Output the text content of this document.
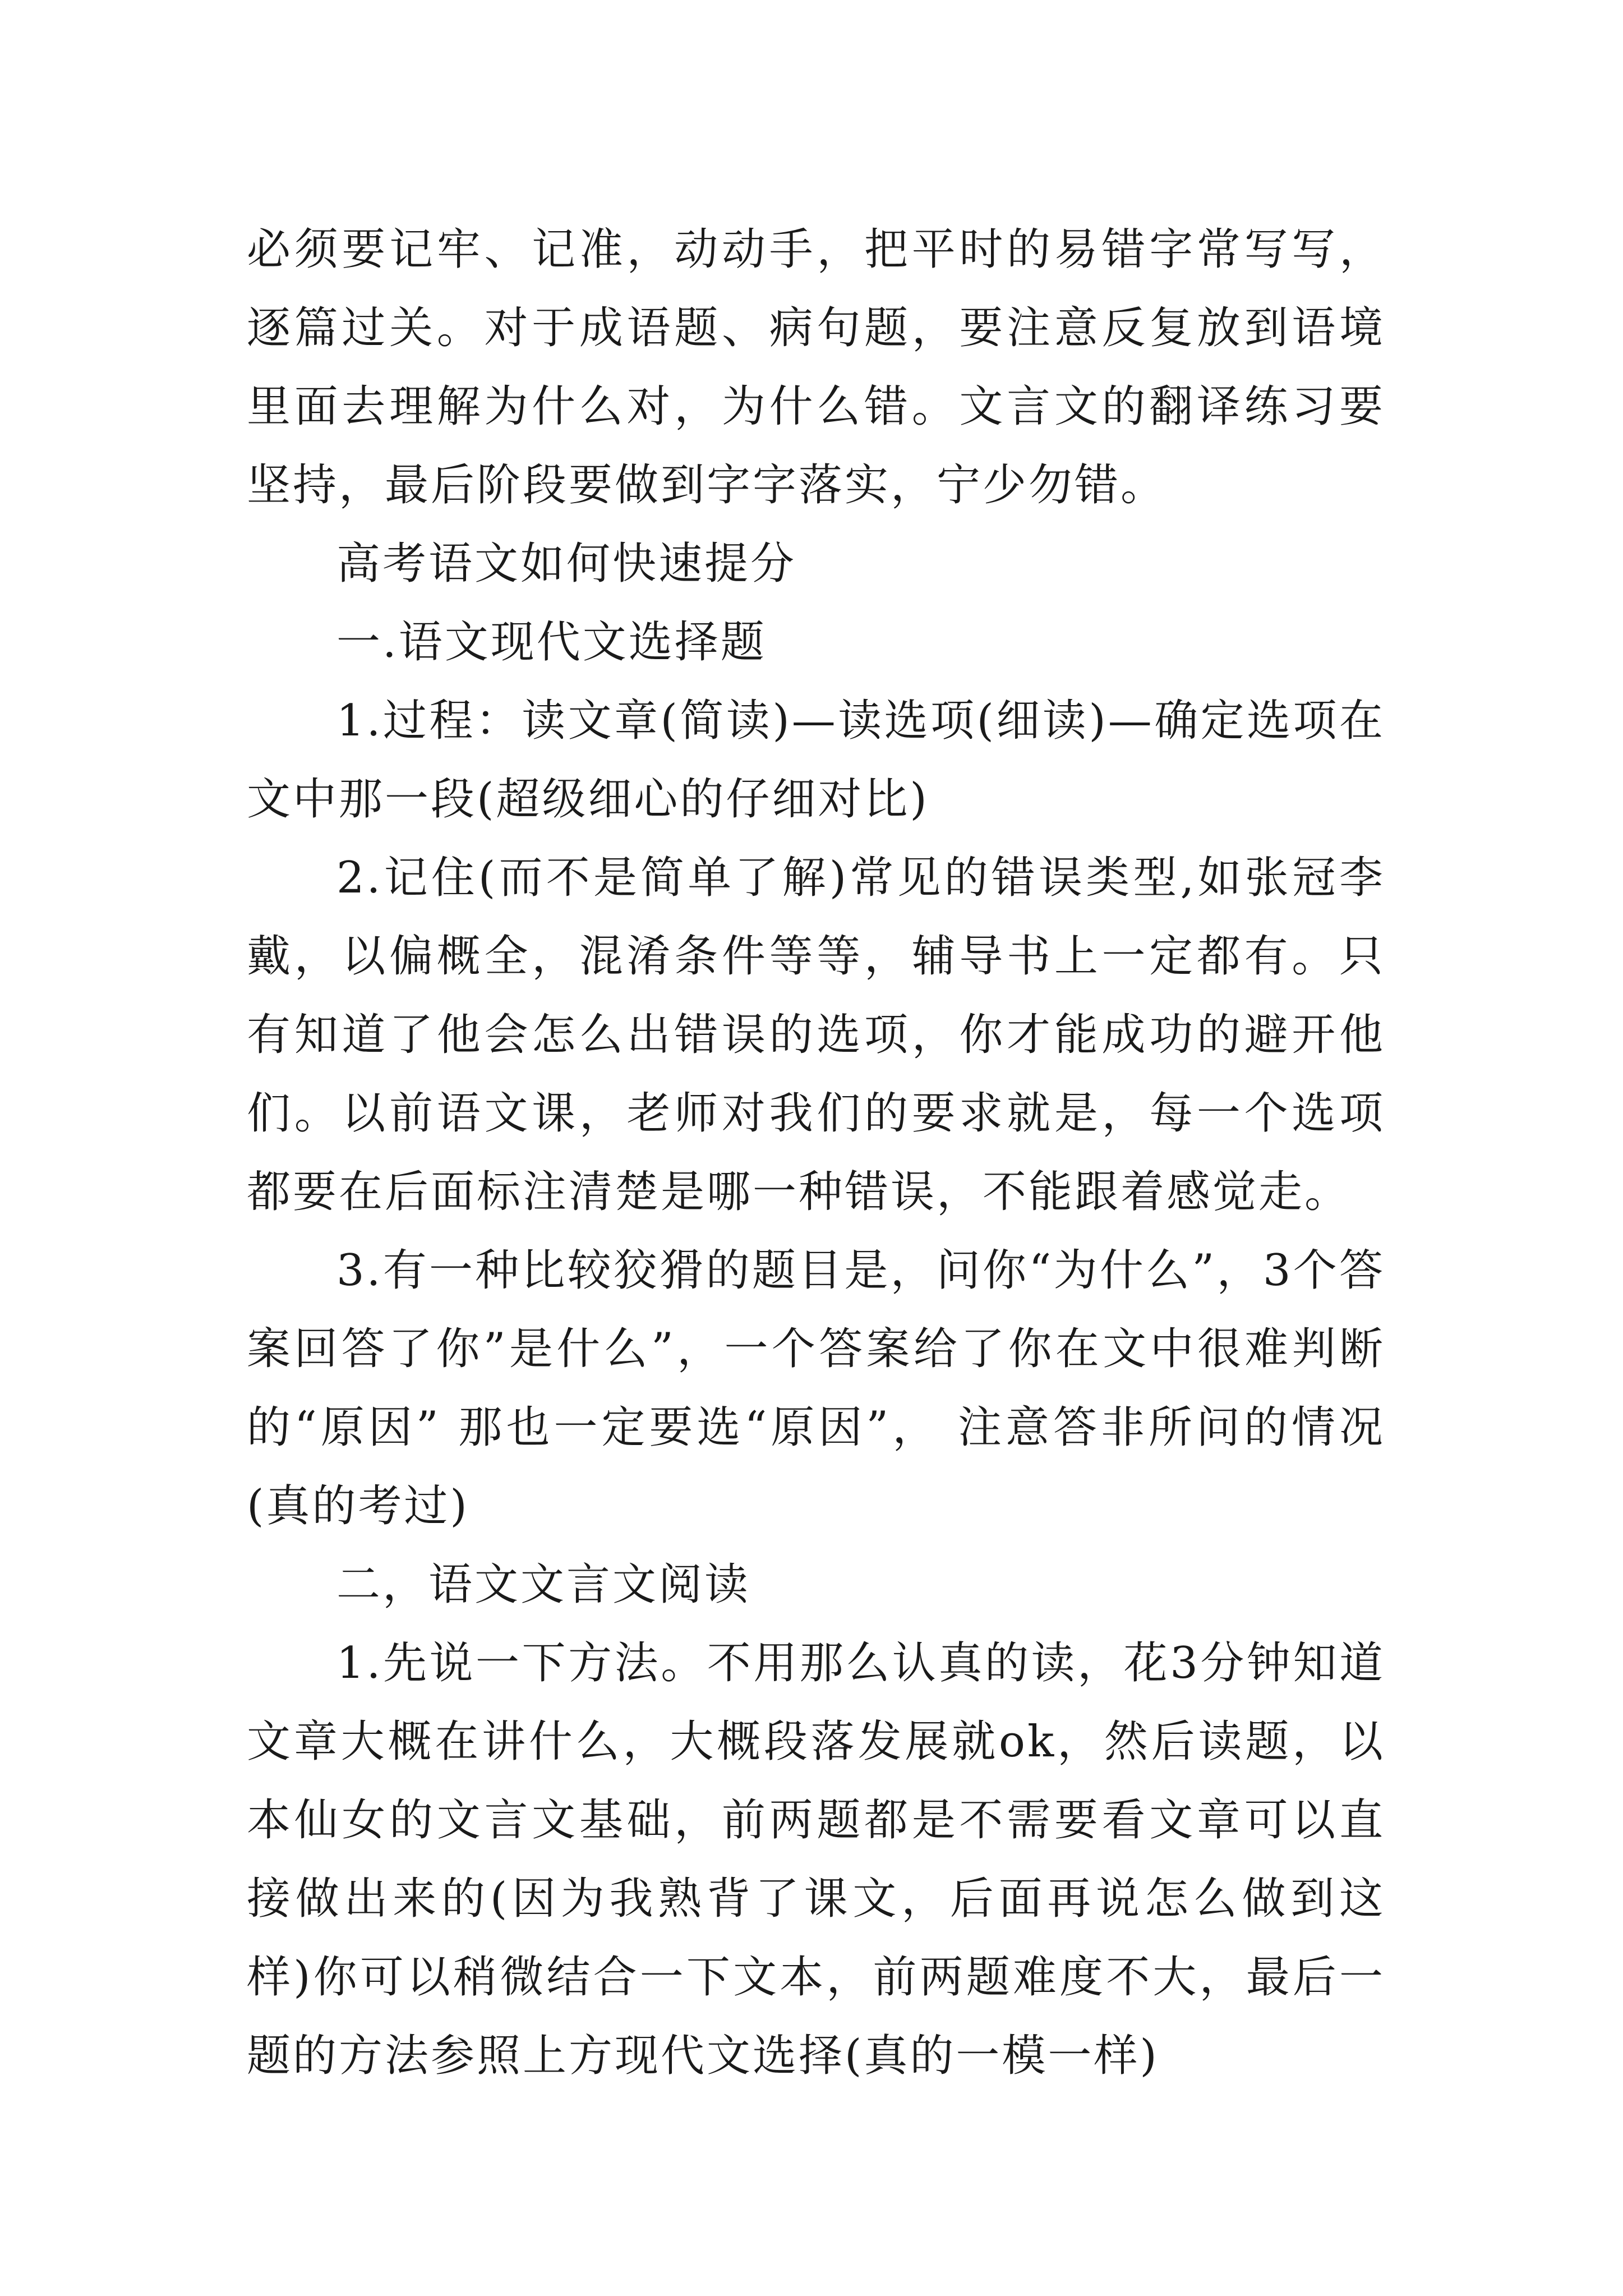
必须要记牢、记准，动动手，把平时的易错字常写写，逐篇过关。对于成语题、病句题，要注意反复放到语境里面去理解为什么对，为什么错。文言文的翻译练习要坚持，最后阶段要做到字字落实，宁少勿错。

高考语文如何快速提分

一.语文现代文选择题

1.过程：读文章(简读)—读选项(细读)—确定选项在文中那一段(超级细心的仔细对比)

2.记住(而不是简单了解)常见的错误类型,如张冠李戴，以偏概全，混淆条件等等，辅导书上一定都有。只有知道了他会怎么出错误的选项，你才能成功的避开他们。以前语文课，老师对我们的要求就是，每一个选项都要在后面标注清楚是哪一种错误，不能跟着感觉走。

3.有一种比较狡猾的题目是，问你“为什么”，3个答案回答了你”是什么”，一个答案给了你在文中很难判断的“原因” 那也一定要选“原因”， 注意答非所问的情况(真的考过)

二，语文文言文阅读

1.先说一下方法。不用那么认真的读，花3分钟知道文章大概在讲什么，大概段落发展就ok，然后读题，以本仙女的文言文基础，前两题都是不需要看文章可以直接做出来的(因为我熟背了课文，后面再说怎么做到这样)你可以稍微结合一下文本，前两题难度不大，最后一题的方法参照上方现代文选择(真的一模一样)
